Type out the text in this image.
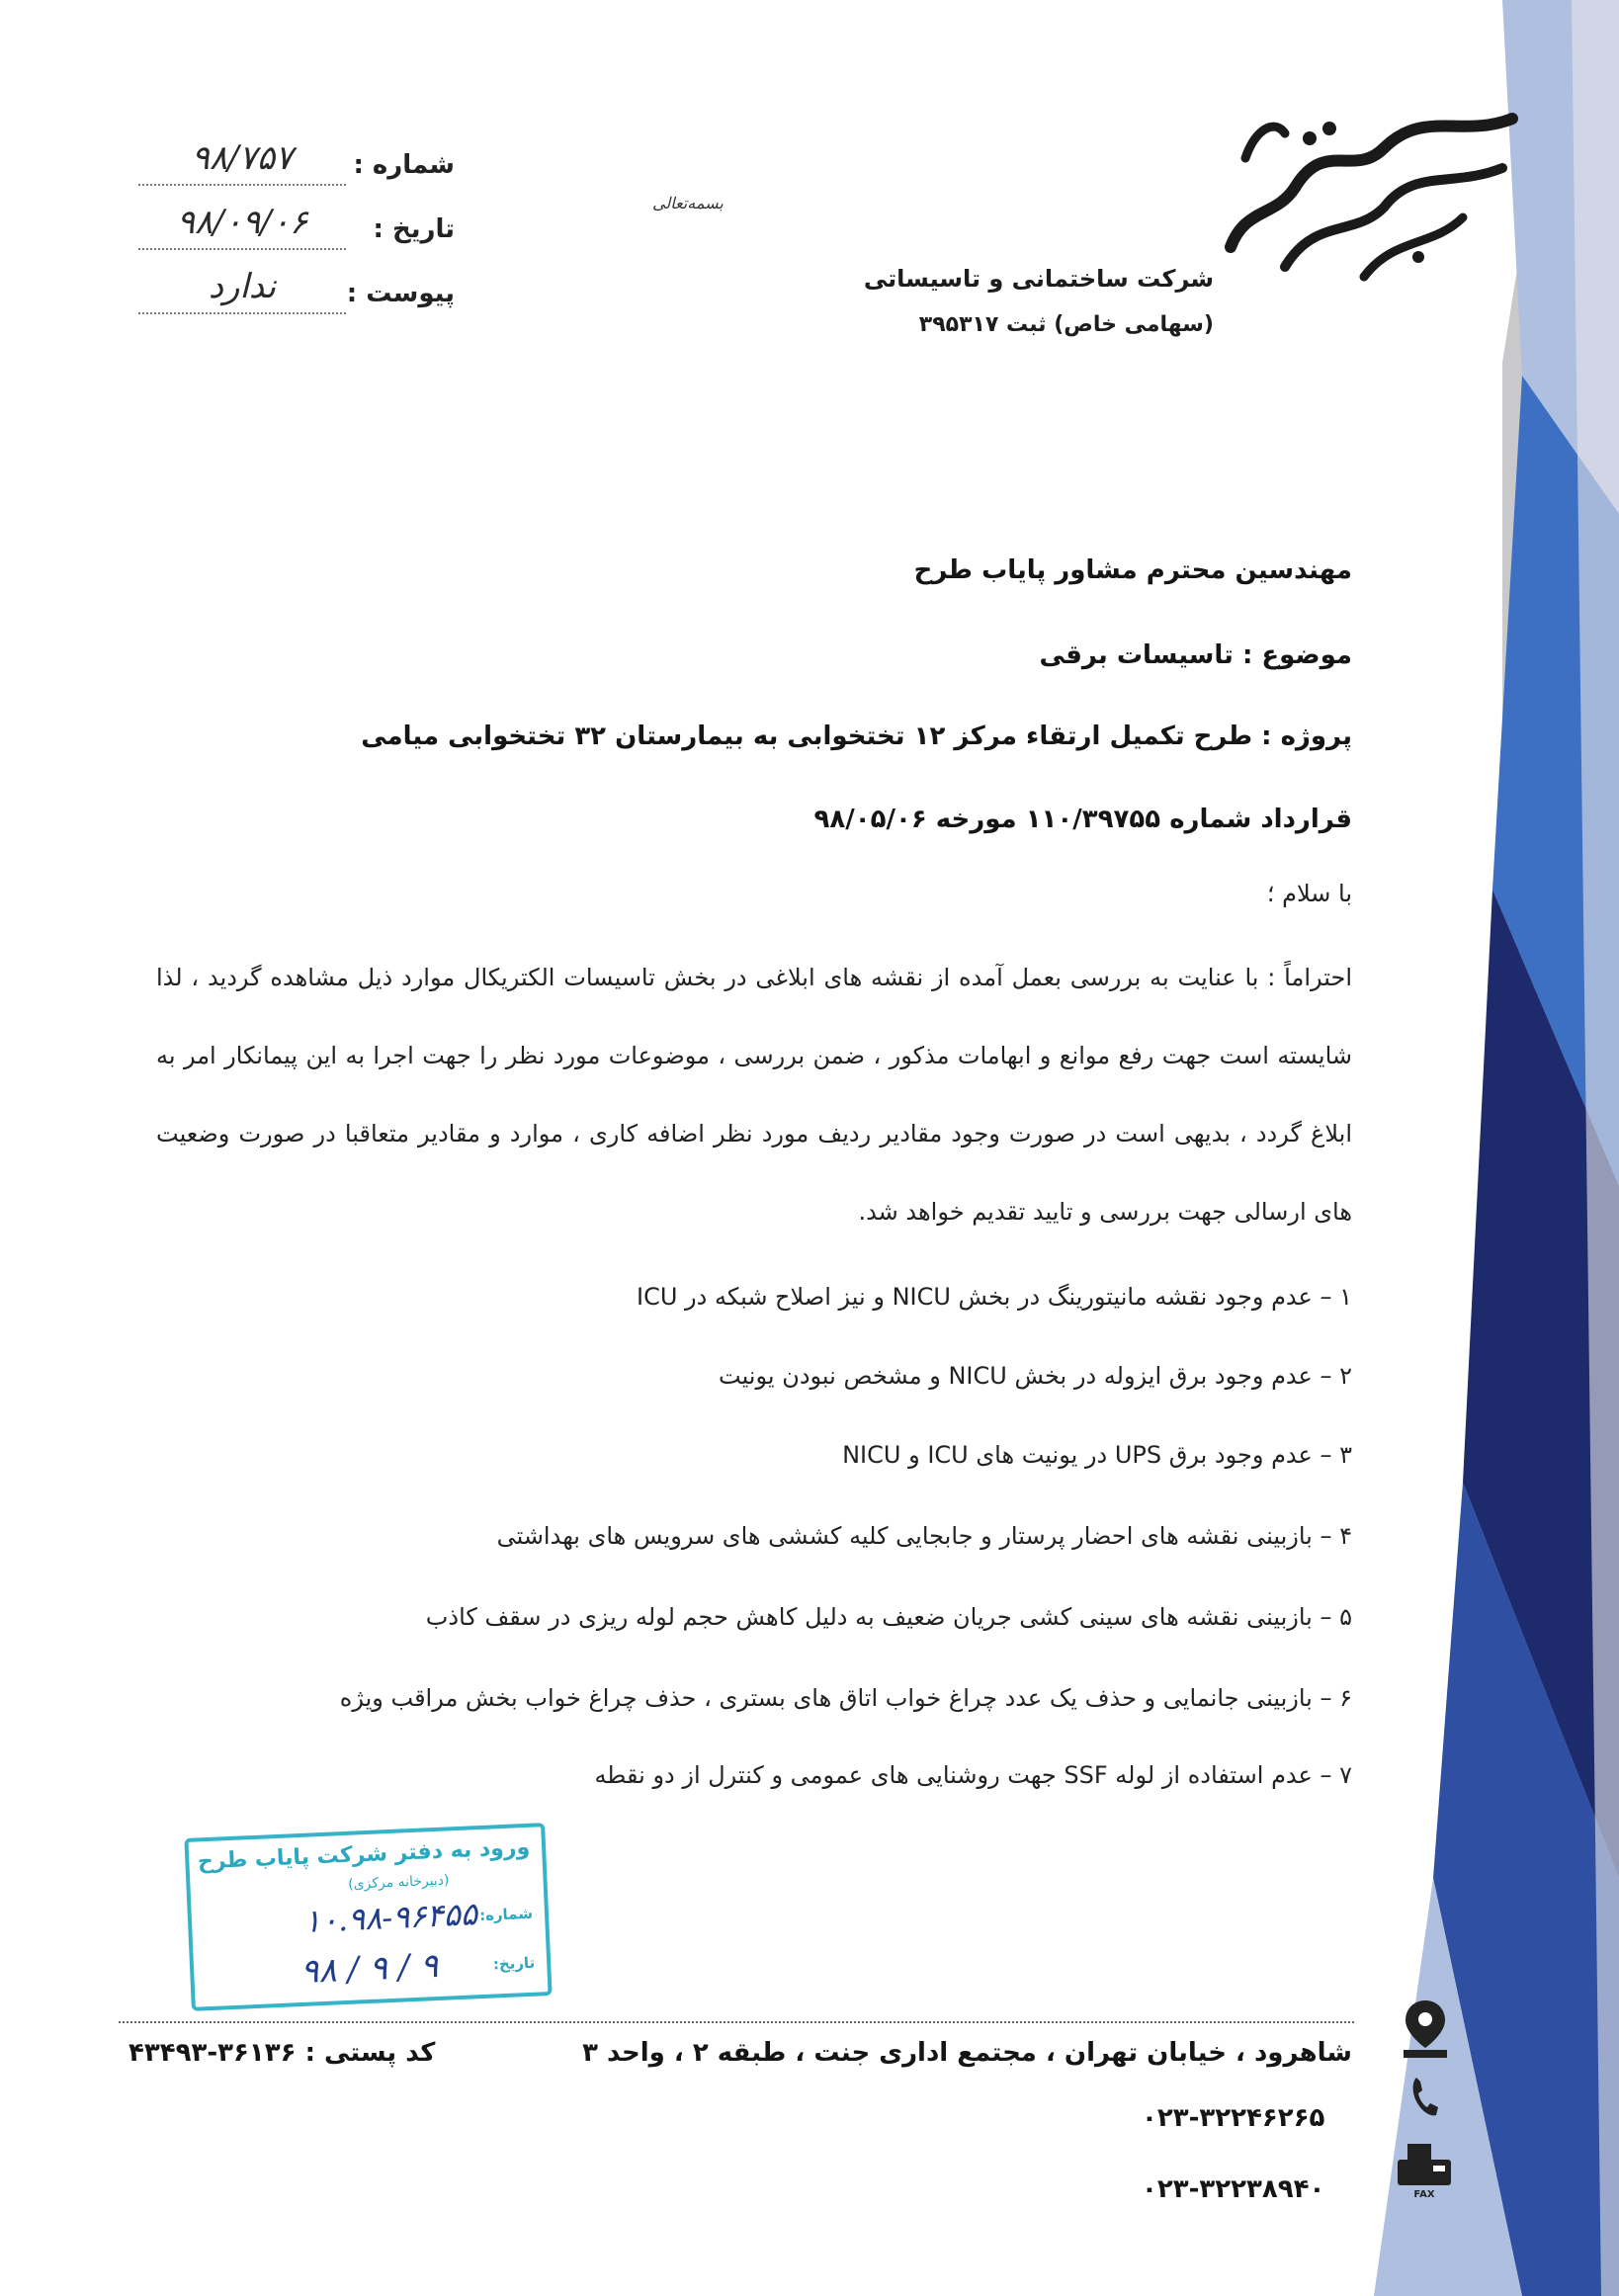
شماره :
۹۸/۷۵۷
تاریخ :
۹۸/۰۹/۰۶
پیوست :
ندارد
بسمه‌تعالی
شرکت ساختمانی و تاسیساتی
(سهامی خاص) ثبت ۳۹۵۳۱۷
مهندسین محترم مشاور پایاب طرح
موضوع : تاسیسات برقی
پروژه : طرح تکمیل ارتقاء مرکز ۱۲ تختخوابی به بیمارستان ۳۲ تختخوابی میامی
قرارداد شماره ۱۱۰/۳۹۷۵۵ مورخه ۹۸/۰۵/۰۶
با سلام ؛
احتراماً : با عنایت به بررسی بعمل آمده از نقشه های ابلاغی در بخش تاسیسات الکتریکال موارد ذیل مشاهده گردید ، لذا شایسته است جهت رفع موانع و ابهامات مذکور ، ضمن بررسی ، موضوعات مورد نظر را جهت اجرا به این پیمانکار امر به ابلاغ گردد ، بدیهی است در صورت وجود مقادیر ردیف مورد نظر اضافه کاری ، موارد و مقادیر متعاقبا در صورت وضعیت های ارسالی جهت بررسی و تایید تقدیم خواهد شد.
۱ – عدم وجود نقشه مانیتورینگ در بخش NICU و نیز اصلاح شبکه در ICU
۲ – عدم وجود برق ایزوله در بخش NICU و مشخص نبودن یونیت
۳ – عدم وجود برق UPS در یونیت های ICU و NICU
۴ – بازبینی نقشه های احضار پرستار و جابجایی کلیه کششی های سرویس های بهداشتی
۵ – بازبینی نقشه های سینی کشی جریان ضعیف به دلیل کاهش حجم لوله ریزی در سقف کاذب
۶ – بازبینی جانمایی و حذف یک عدد چراغ خواب اتاق های بستری ، حذف چراغ خواب بخش مراقب ویژه
۷ – عدم استفاده از لوله SSF جهت روشنایی های عمومی و کنترل از دو نقطه
ورود به دفتر شرکت پایاب طرح
(دبیرخانه مرکزی)
شماره:
۱۰.۹۸-۹۶۴۵۵
تاریخ:
۹۸ / ۹ / ۹
شاهرود ، خیابان تهران ، مجتمع اداری جنت ، طبقه ۲ ، واحد ۳
کد پستی : ۳۶۱۳۶-۴۳۴۹۳
۰۲۳-۳۲۲۴۶۲۶۵
FAX
۰۲۳-۳۲۲۳۸۹۴۰
